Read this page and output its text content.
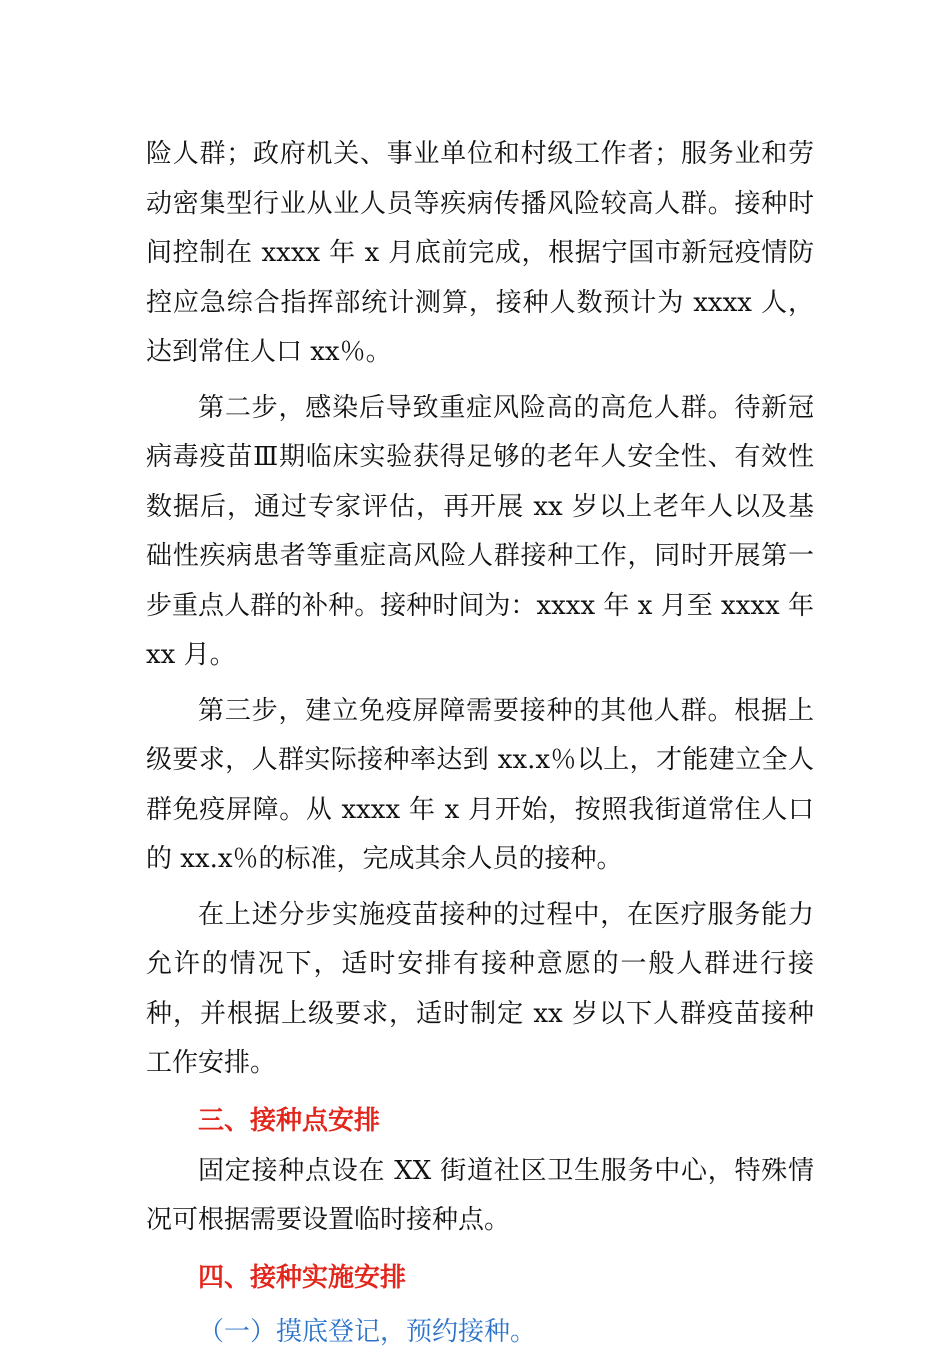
险人群；政府机关、事业单位和村级工作者；服务业和劳动密集型行业从业人员等疾病传播风险较高人群。接种时间控制在 xxxx 年 x 月底前完成，根据宁国市新冠疫情防控应急综合指挥部统计测算，接种人数预计为 xxxx 人，达到常住人口 xx％。

第二步，感染后导致重症风险高的高危人群。待新冠病毒疫苗Ⅲ期临床实验获得足够的老年人安全性、有效性数据后，通过专家评估，再开展 xx 岁以上老年人以及基础性疾病患者等重症高风险人群接种工作，同时开展第一步重点人群的补种。接种时间为：xxxx 年 x 月至 xxxx 年 xx 月。

第三步，建立免疫屏障需要接种的其他人群。根据上级要求，人群实际接种率达到 xx.x％以上，才能建立全人群免疫屏障。从 xxxx 年 x 月开始，按照我街道常住人口的 xx.x％的标准，完成其余人员的接种。

在上述分步实施疫苗接种的过程中，在医疗服务能力允许的情况下，适时安排有接种意愿的一般人群进行接种，并根据上级要求，适时制定 xx 岁以下人群疫苗接种工作安排。

三、接种点安排

固定接种点设在 XX 街道社区卫生服务中心，特殊情况可根据需要设置临时接种点。

四、接种实施安排

（一）摸底登记，预约接种。
